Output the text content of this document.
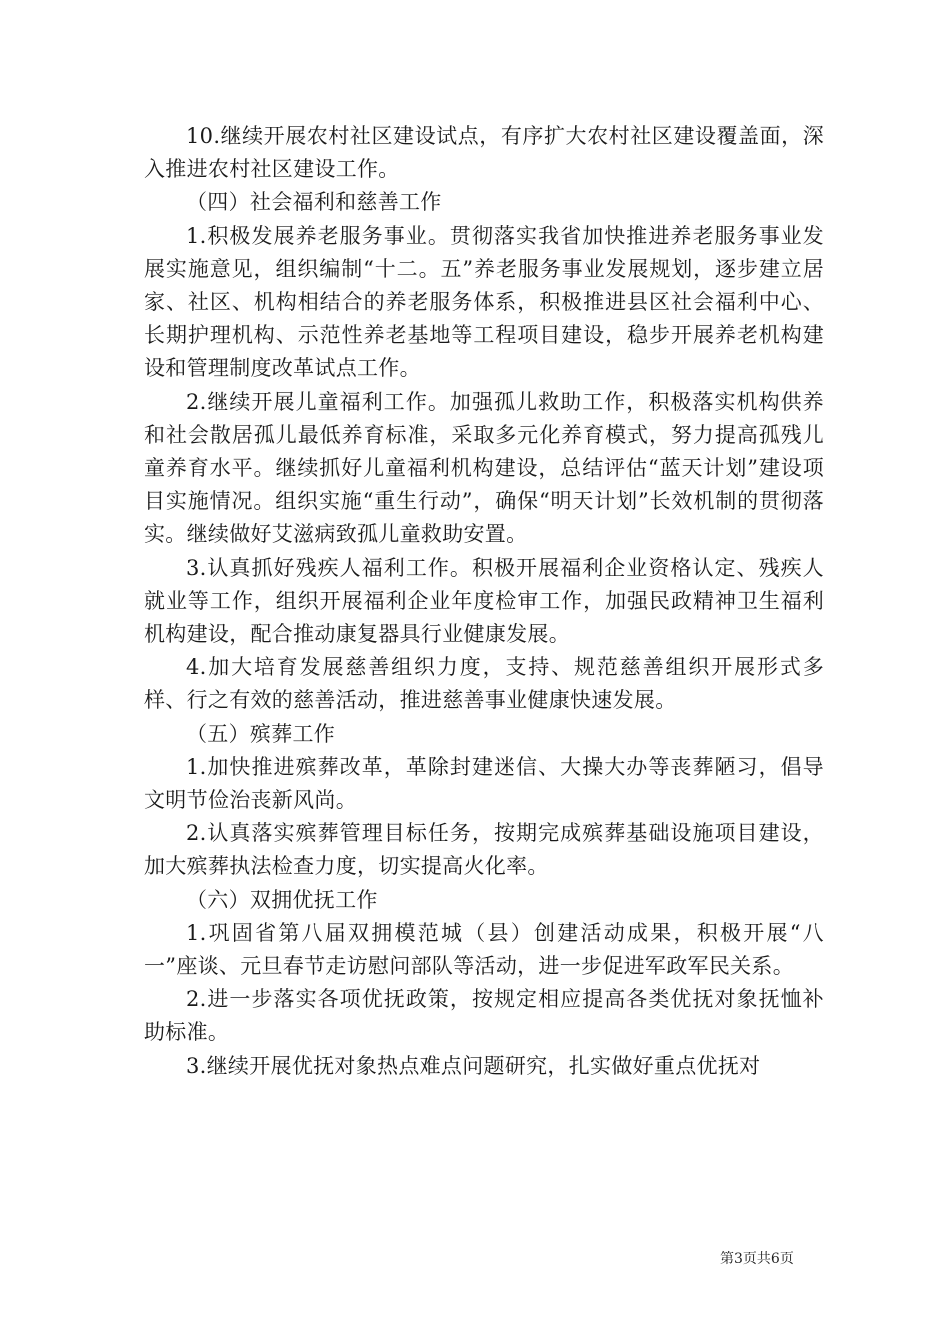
10.继续开展农村社区建设试点，有序扩大农村社区建设覆盖面，深入推进农村社区建设工作。

（四）社会福利和慈善工作

1.积极发展养老服务事业。贯彻落实我省加快推进养老服务事业发展实施意见，组织编制“十二。五”养老服务事业发展规划，逐步建立居家、社区、机构相结合的养老服务体系，积极推进县区社会福利中心、长期护理机构、示范性养老基地等工程项目建设，稳步开展养老机构建设和管理制度改革试点工作。

2.继续开展儿童福利工作。加强孤儿救助工作，积极落实机构供养和社会散居孤儿最低养育标准，采取多元化养育模式，努力提高孤残儿童养育水平。继续抓好儿童福利机构建设，总结评估“蓝天计划”建设项目实施情况。组织实施“重生行动”，确保“明天计划”长效机制的贯彻落实。继续做好艾滋病致孤儿童救助安置。

3.认真抓好残疾人福利工作。积极开展福利企业资格认定、残疾人就业等工作，组织开展福利企业年度检审工作，加强民政精神卫生福利机构建设，配合推动康复器具行业健康发展。

4.加大培育发展慈善组织力度，支持、规范慈善组织开展形式多样、行之有效的慈善活动，推进慈善事业健康快速发展。

（五）殡葬工作

1.加快推进殡葬改革，革除封建迷信、大操大办等丧葬陋习，倡导文明节俭治丧新风尚。

2.认真落实殡葬管理目标任务，按期完成殡葬基础设施项目建设，加大殡葬执法检查力度，切实提高火化率。

（六）双拥优抚工作

1.巩固省第八届双拥模范城（县）创建活动成果，积极开展“八一”座谈、元旦春节走访慰问部队等活动，进一步促进军政军民关系。

2.进一步落实各项优抚政策，按规定相应提高各类优抚对象抚恤补助标准。

3.继续开展优抚对象热点难点问题研究，扎实做好重点优抚对

第3页共6页
